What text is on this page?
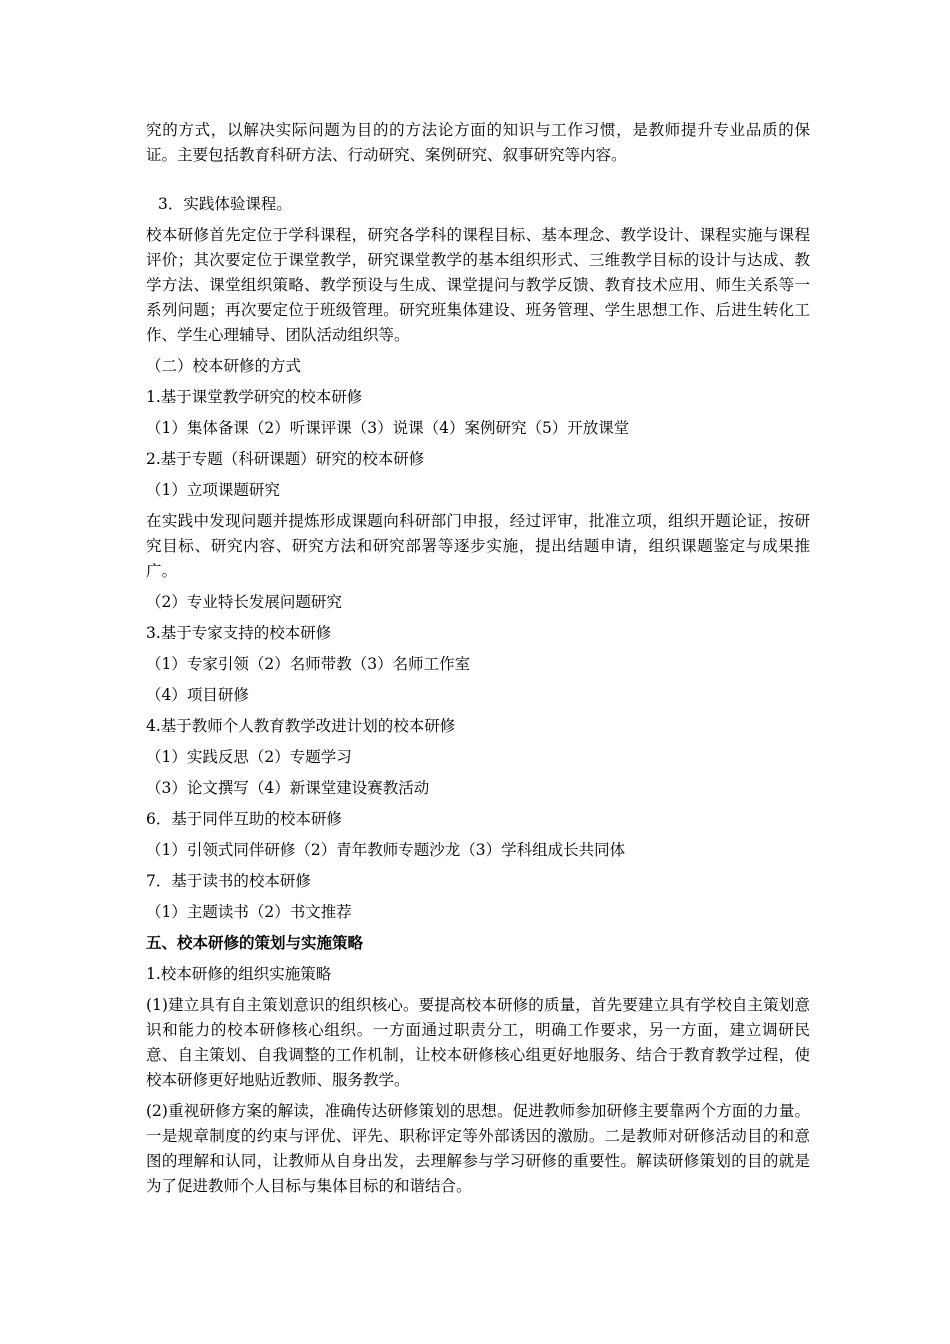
究的方式，以解决实际问题为目的的方法论方面的知识与工作习惯，是教师提升专业品质的保证。主要包括教育科研方法、行动研究、案例研究、叙事研究等内容。

3．实践体验课程。

校本研修首先定位于学科课程，研究各学科的课程目标、基本理念、教学设计、课程实施与课程评价；其次要定位于课堂教学，研究课堂教学的基本组织形式、三维教学目标的设计与达成、教学方法、课堂组织策略、教学预设与生成、课堂提问与教学反馈、教育技术应用、师生关系等一系列问题；再次要定位于班级管理。研究班集体建设、班务管理、学生思想工作、后进生转化工作、学生心理辅导、团队活动组织等。

（二）校本研修的方式

1.基于课堂教学研究的校本研修

（1）集体备课（2）听课评课（3）说课（4）案例研究（5）开放课堂

2.基于专题（科研课题）研究的校本研修

（1）立项课题研究

在实践中发现问题并提炼形成课题向科研部门申报，经过评审，批准立项，组织开题论证，按研究目标、研究内容、研究方法和研究部署等逐步实施，提出结题申请，组织课题鉴定与成果推广。

（2）专业特长发展问题研究

3.基于专家支持的校本研修

（1）专家引领（2）名师带教（3）名师工作室

（4）项目研修

4.基于教师个人教育教学改进计划的校本研修

（1）实践反思（2）专题学习

（3）论文撰写（4）新课堂建设赛教活动

6．基于同伴互助的校本研修

（1）引领式同伴研修（2）青年教师专题沙龙（3）学科组成长共同体

7．基于读书的校本研修

（1）主题读书（2）书文推荐

五、校本研修的策划与实施策略

1.校本研修的组织实施策略

(1)建立具有自主策划意识的组织核心。要提高校本研修的质量，首先要建立具有学校自主策划意识和能力的校本研修核心组织。一方面通过职责分工，明确工作要求，另一方面，建立调研民意、自主策划、自我调整的工作机制，让校本研修核心组更好地服务、结合于教育教学过程，使校本研修更好地贴近教师、服务教学。

(2)重视研修方案的解读，准确传达研修策划的思想。促进教师参加研修主要靠两个方面的力量。一是规章制度的约束与评优、评先、职称评定等外部诱因的激励。二是教师对研修活动目的和意图的理解和认同，让教师从自身出发，去理解参与学习研修的重要性。解读研修策划的目的就是为了促进教师个人目标与集体目标的和谐结合。
